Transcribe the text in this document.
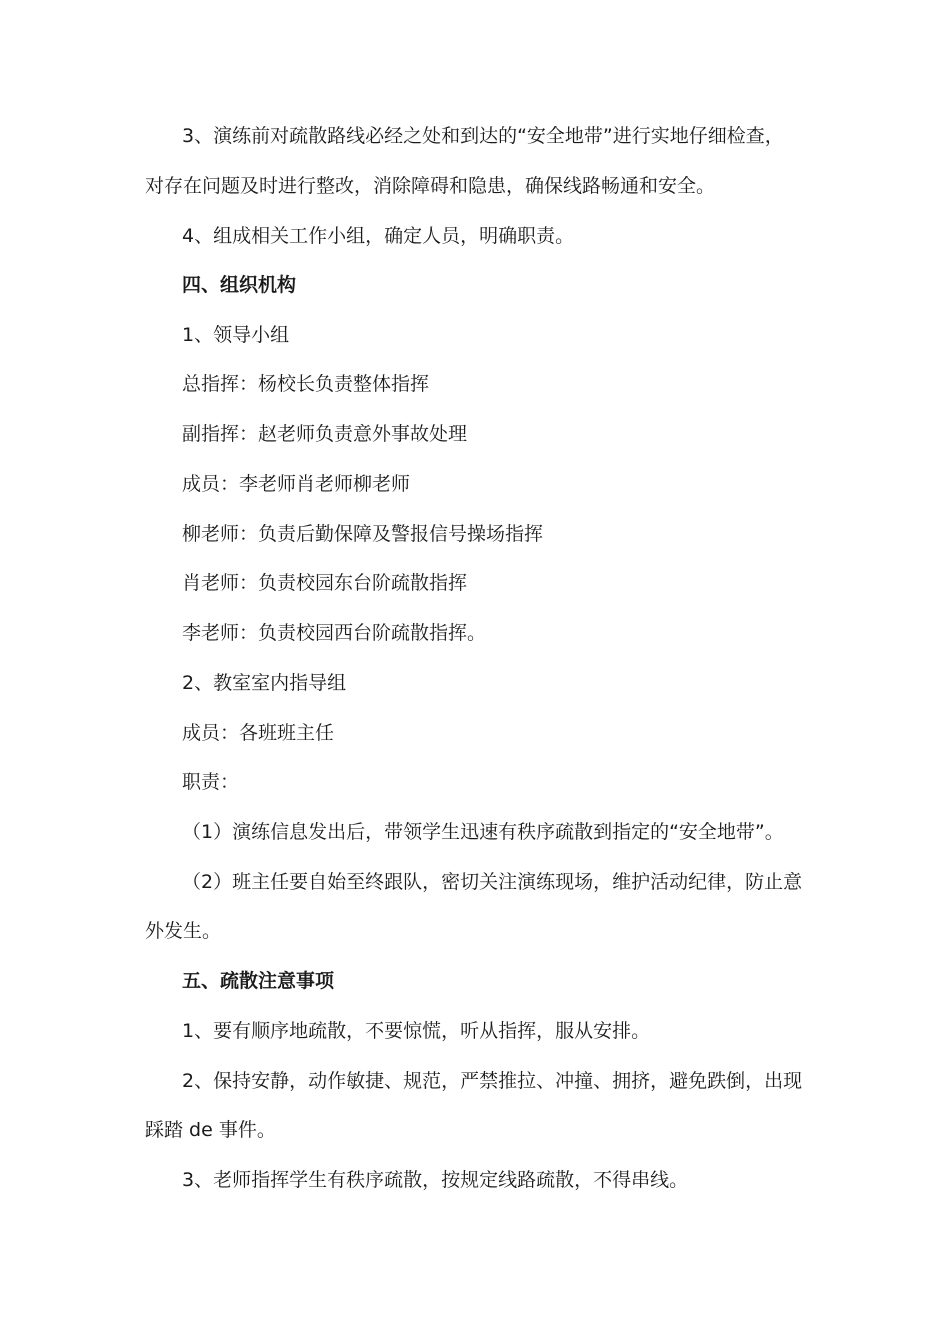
3、演练前对疏散路线必经之处和到达的“安全地带”进行实地仔细检查，
对存在问题及时进行整改，消除障碍和隐患，确保线路畅通和安全。
4、组成相关工作小组，确定人员，明确职责。
四、组织机构
1、领导小组
总指挥：杨校长负责整体指挥
副指挥：赵老师负责意外事故处理
成员：李老师肖老师柳老师
柳老师：负责后勤保障及警报信号操场指挥
肖老师：负责校园东台阶疏散指挥
李老师：负责校园西台阶疏散指挥。
2、教室室内指导组
成员：各班班主任
职责：
（1）演练信息发出后，带领学生迅速有秩序疏散到指定的“安全地带”。
（2）班主任要自始至终跟队，密切关注演练现场，维护活动纪律，防止意
外发生。
五、疏散注意事项
1、要有顺序地疏散，不要惊慌，听从指挥，服从安排。
2、保持安静，动作敏捷、规范，严禁推拉、冲撞、拥挤，避免跌倒，出现
踩踏 de 事件。
3、老师指挥学生有秩序疏散，按规定线路疏散，不得串线。
